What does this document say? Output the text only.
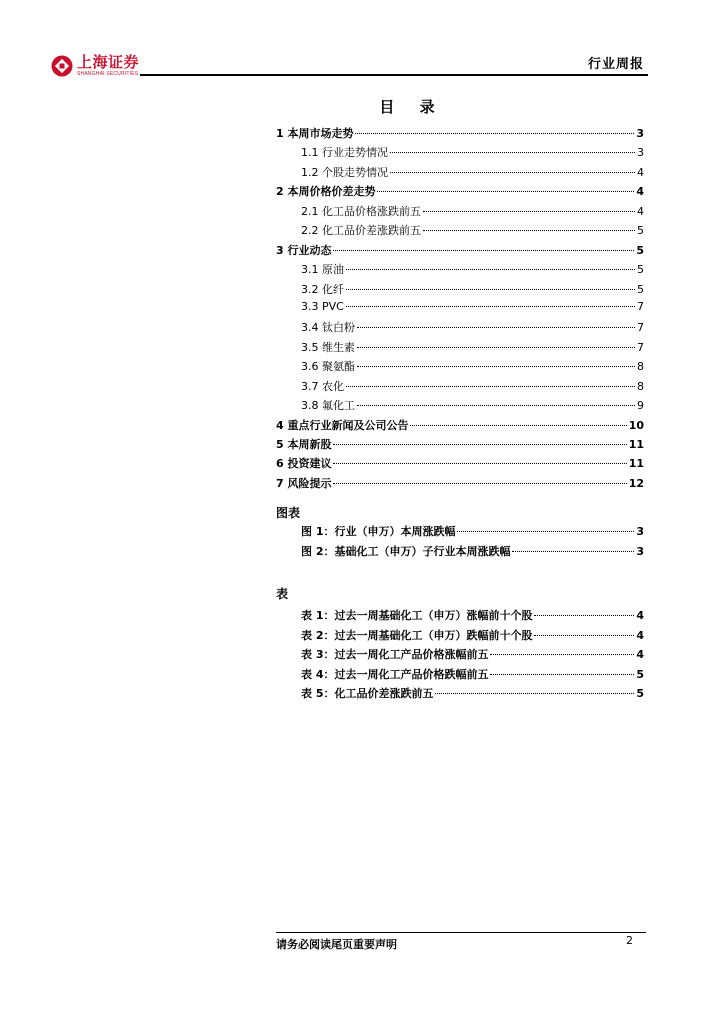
上海证券
SHANGHAI SECURITIES
行业周报
目 录
1 本周市场走势	3
1.1 行业走势情况	3
1.2 个股走势情况	4
2 本周价格价差走势	4
2.1 化工品价格涨跌前五	4
2.2 化工品价差涨跌前五	5
3 行业动态	5
3.1 原油	5
3.2 化纤	5
3.3 PVC	7
3.4 钛白粉	7
3.5 维生素	7
3.6 聚氨酯	8
3.7 农化	8
3.8 氟化工	9
4 重点行业新闻及公司公告	10
5 本周新股	11
6 投资建议	11
7 风险提示	12
图表
图 1：行业（申万）本周涨跌幅	3
图 2：基础化工（申万）子行业本周涨跌幅	3
表
表 1：过去一周基础化工（申万）涨幅前十个股	4
表 2：过去一周基础化工（申万）跌幅前十个股	4
表 3：过去一周化工产品价格涨幅前五	4
表 4：过去一周化工产品价格跌幅前五	5
表 5：化工品价差涨跌前五	5
请务必阅读尾页重要声明	2
